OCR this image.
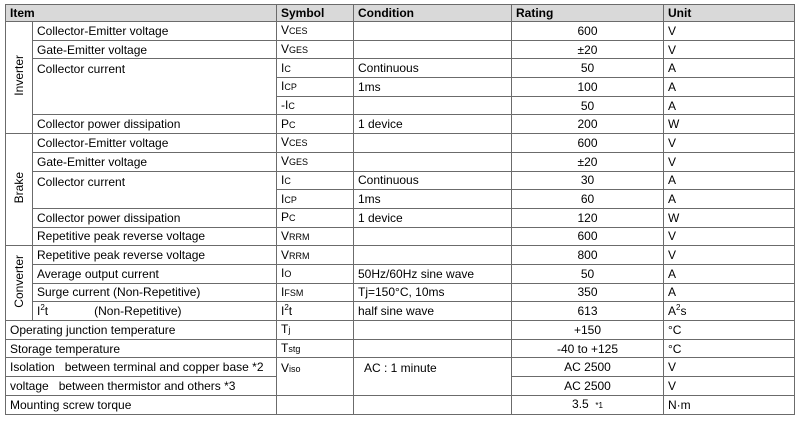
Item		Symbol	Condition	Rating	Unit
Inverter	Collector-Emitter voltage	VCES		600	V
	Gate-Emitter voltage	VGES		±20	V
	Collector current	IC	Continuous	50	A
		ICP	1ms	100	A
		-IC		50	A
	Collector power dissipation	PC	1 device	200	W
Brake	Collector-Emitter voltage	VCES		600	V
	Gate-Emitter voltage	VGES		±20	V
	Collector current	IC	Continuous	30	A
		ICP	1ms	60	A
	Collector power dissipation	PC	1 device	120	W
	Repetitive peak reverse voltage	VRRM		600	V
Converter	Repetitive peak reverse voltage	VRRM		800	V
	Average output current	IO	50Hz/60Hz sine wave	50	A
	Surge current (Non-Repetitive)	IFSM	Tj=150°C, 10ms	350	A
	$I^2t$ (Non-Repetitive)	$I^2t$	half sine wave	613	$A^2s$
Operating junction temperature		Tj		+150	°C
Storage temperature		Tstg		-40 to +125	°C
Isolation   between terminal and copper base *2		Viso	AC : 1 minute	AC 2500	V
voltage   between thermistor and others *3				AC 2500	V
Mounting screw torque				3.5 *1	N·m
